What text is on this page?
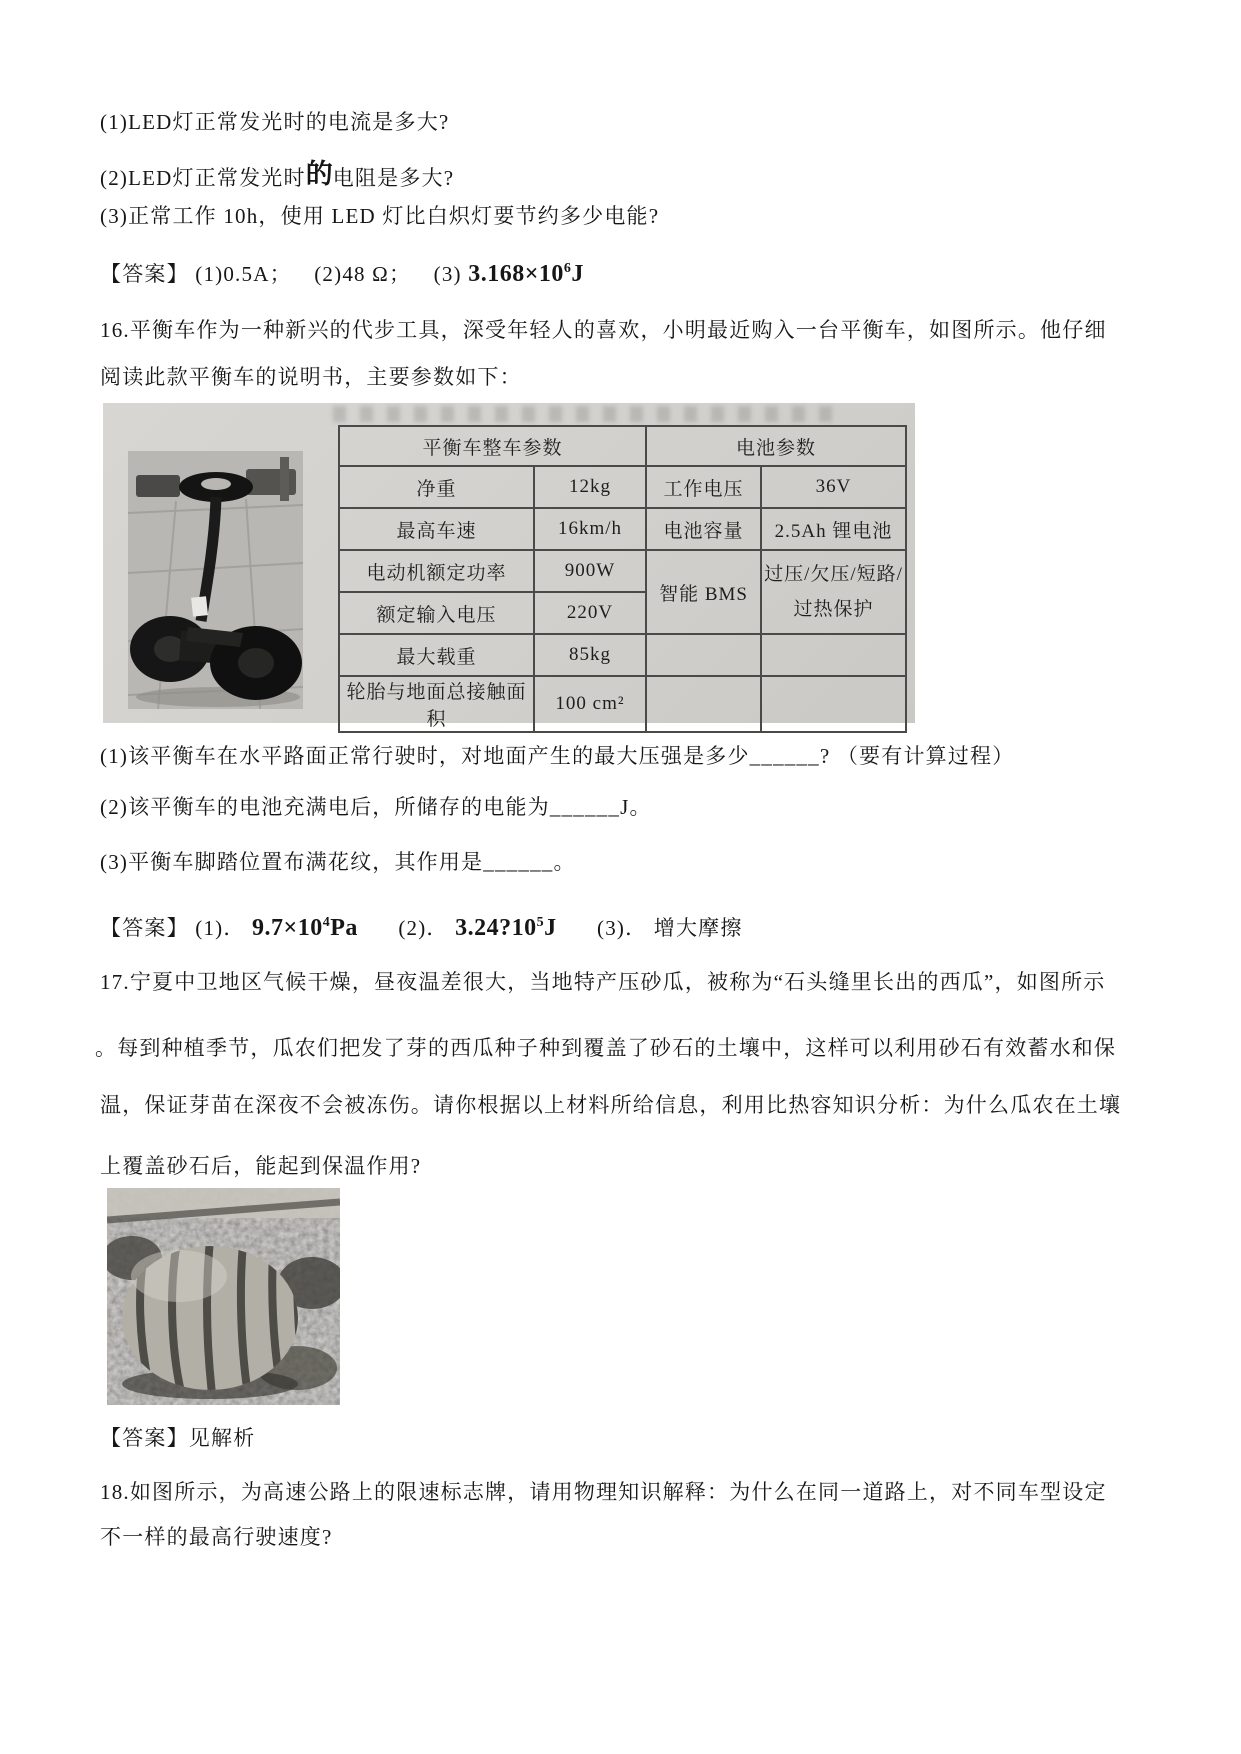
(1)LED灯正常发光时的电流是多大?
(2)LED灯正常发光时的电阻是多大?
(3)正常工作 10h，使用 LED 灯比白炽灯要节约多少电能?
【答案】 (1)0.5A； (2)48 Ω； (3) $3.168\times 10^6J$
16.平衡车作为一种新兴的代步工具，深受年轻人的喜欢，小明最近购入一台平衡车，如图所示。他仔细
阅读此款平衡车的说明书，主要参数如下：
平衡车整车参数		电池参数	
净重	12kg	工作电压	36V
最高车速	16km/h	电池容量	2.5Ah 锂电池
电动机额定功率	900W	智能 BMS	过压/欠压/短路/
过热保护
额定输入电压	220V		
最大载重	85kg		
轮胎与地面总接触面积	100 cm²		
(1)该平衡车在水平路面正常行驶时，对地面产生的最大压强是多少______? （要有计算过程）
(2)该平衡车的电池充满电后，所储存的电能为______J。
(3)平衡车脚踏位置布满花纹，其作用是______。
【答案】 (1)． $9.7\times 10^4Pa$ (2)． $3.24?10^5J$ (3)． 增大摩擦
17.宁夏中卫地区气候干燥，昼夜温差很大，当地特产压砂瓜，被称为“石头缝里长出的西瓜”，如图所示
。每到种植季节，瓜农们把发了芽的西瓜种子种到覆盖了砂石的土壤中，这样可以利用砂石有效蓄水和保
温，保证芽苗在深夜不会被冻伤。请你根据以上材料所给信息，利用比热容知识分析：为什么瓜农在土壤
上覆盖砂石后，能起到保温作用?
【答案】见解析
18.如图所示，为高速公路上的限速标志牌，请用物理知识解释：为什么在同一道路上，对不同车型设定
不一样的最高行驶速度?
